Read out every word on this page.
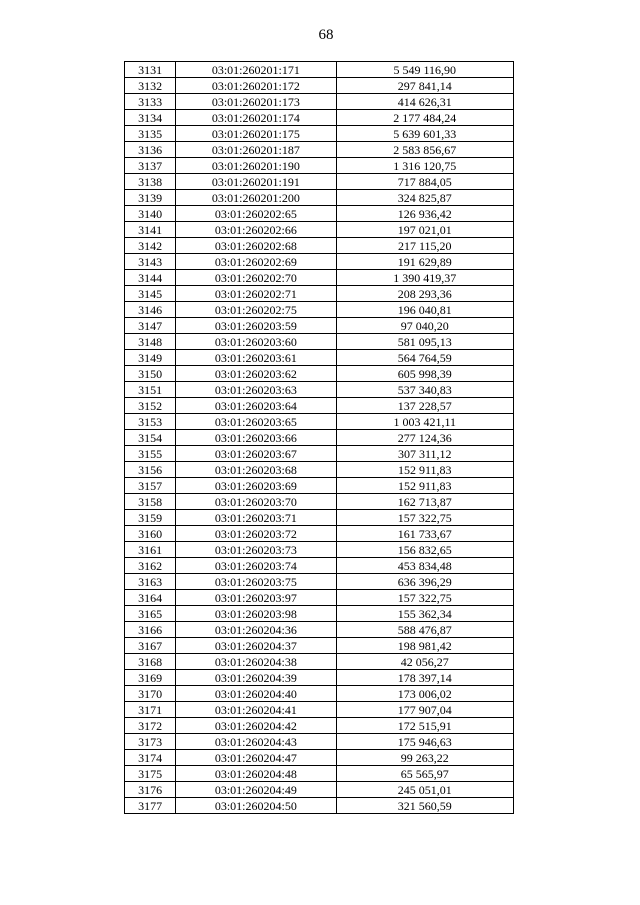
68
3131	03:01:260201:171	5 549 116,90
3132	03:01:260201:172	297 841,14
3133	03:01:260201:173	414 626,31
3134	03:01:260201:174	2 177 484,24
3135	03:01:260201:175	5 639 601,33
3136	03:01:260201:187	2 583 856,67
3137	03:01:260201:190	1 316 120,75
3138	03:01:260201:191	717 884,05
3139	03:01:260201:200	324 825,87
3140	03:01:260202:65	126 936,42
3141	03:01:260202:66	197 021,01
3142	03:01:260202:68	217 115,20
3143	03:01:260202:69	191 629,89
3144	03:01:260202:70	1 390 419,37
3145	03:01:260202:71	208 293,36
3146	03:01:260202:75	196 040,81
3147	03:01:260203:59	97 040,20
3148	03:01:260203:60	581 095,13
3149	03:01:260203:61	564 764,59
3150	03:01:260203:62	605 998,39
3151	03:01:260203:63	537 340,83
3152	03:01:260203:64	137 228,57
3153	03:01:260203:65	1 003 421,11
3154	03:01:260203:66	277 124,36
3155	03:01:260203:67	307 311,12
3156	03:01:260203:68	152 911,83
3157	03:01:260203:69	152 911,83
3158	03:01:260203:70	162 713,87
3159	03:01:260203:71	157 322,75
3160	03:01:260203:72	161 733,67
3161	03:01:260203:73	156 832,65
3162	03:01:260203:74	453 834,48
3163	03:01:260203:75	636 396,29
3164	03:01:260203:97	157 322,75
3165	03:01:260203:98	155 362,34
3166	03:01:260204:36	588 476,87
3167	03:01:260204:37	198 981,42
3168	03:01:260204:38	42 056,27
3169	03:01:260204:39	178 397,14
3170	03:01:260204:40	173 006,02
3171	03:01:260204:41	177 907,04
3172	03:01:260204:42	172 515,91
3173	03:01:260204:43	175 946,63
3174	03:01:260204:47	99 263,22
3175	03:01:260204:48	65 565,97
3176	03:01:260204:49	245 051,01
3177	03:01:260204:50	321 560,59
